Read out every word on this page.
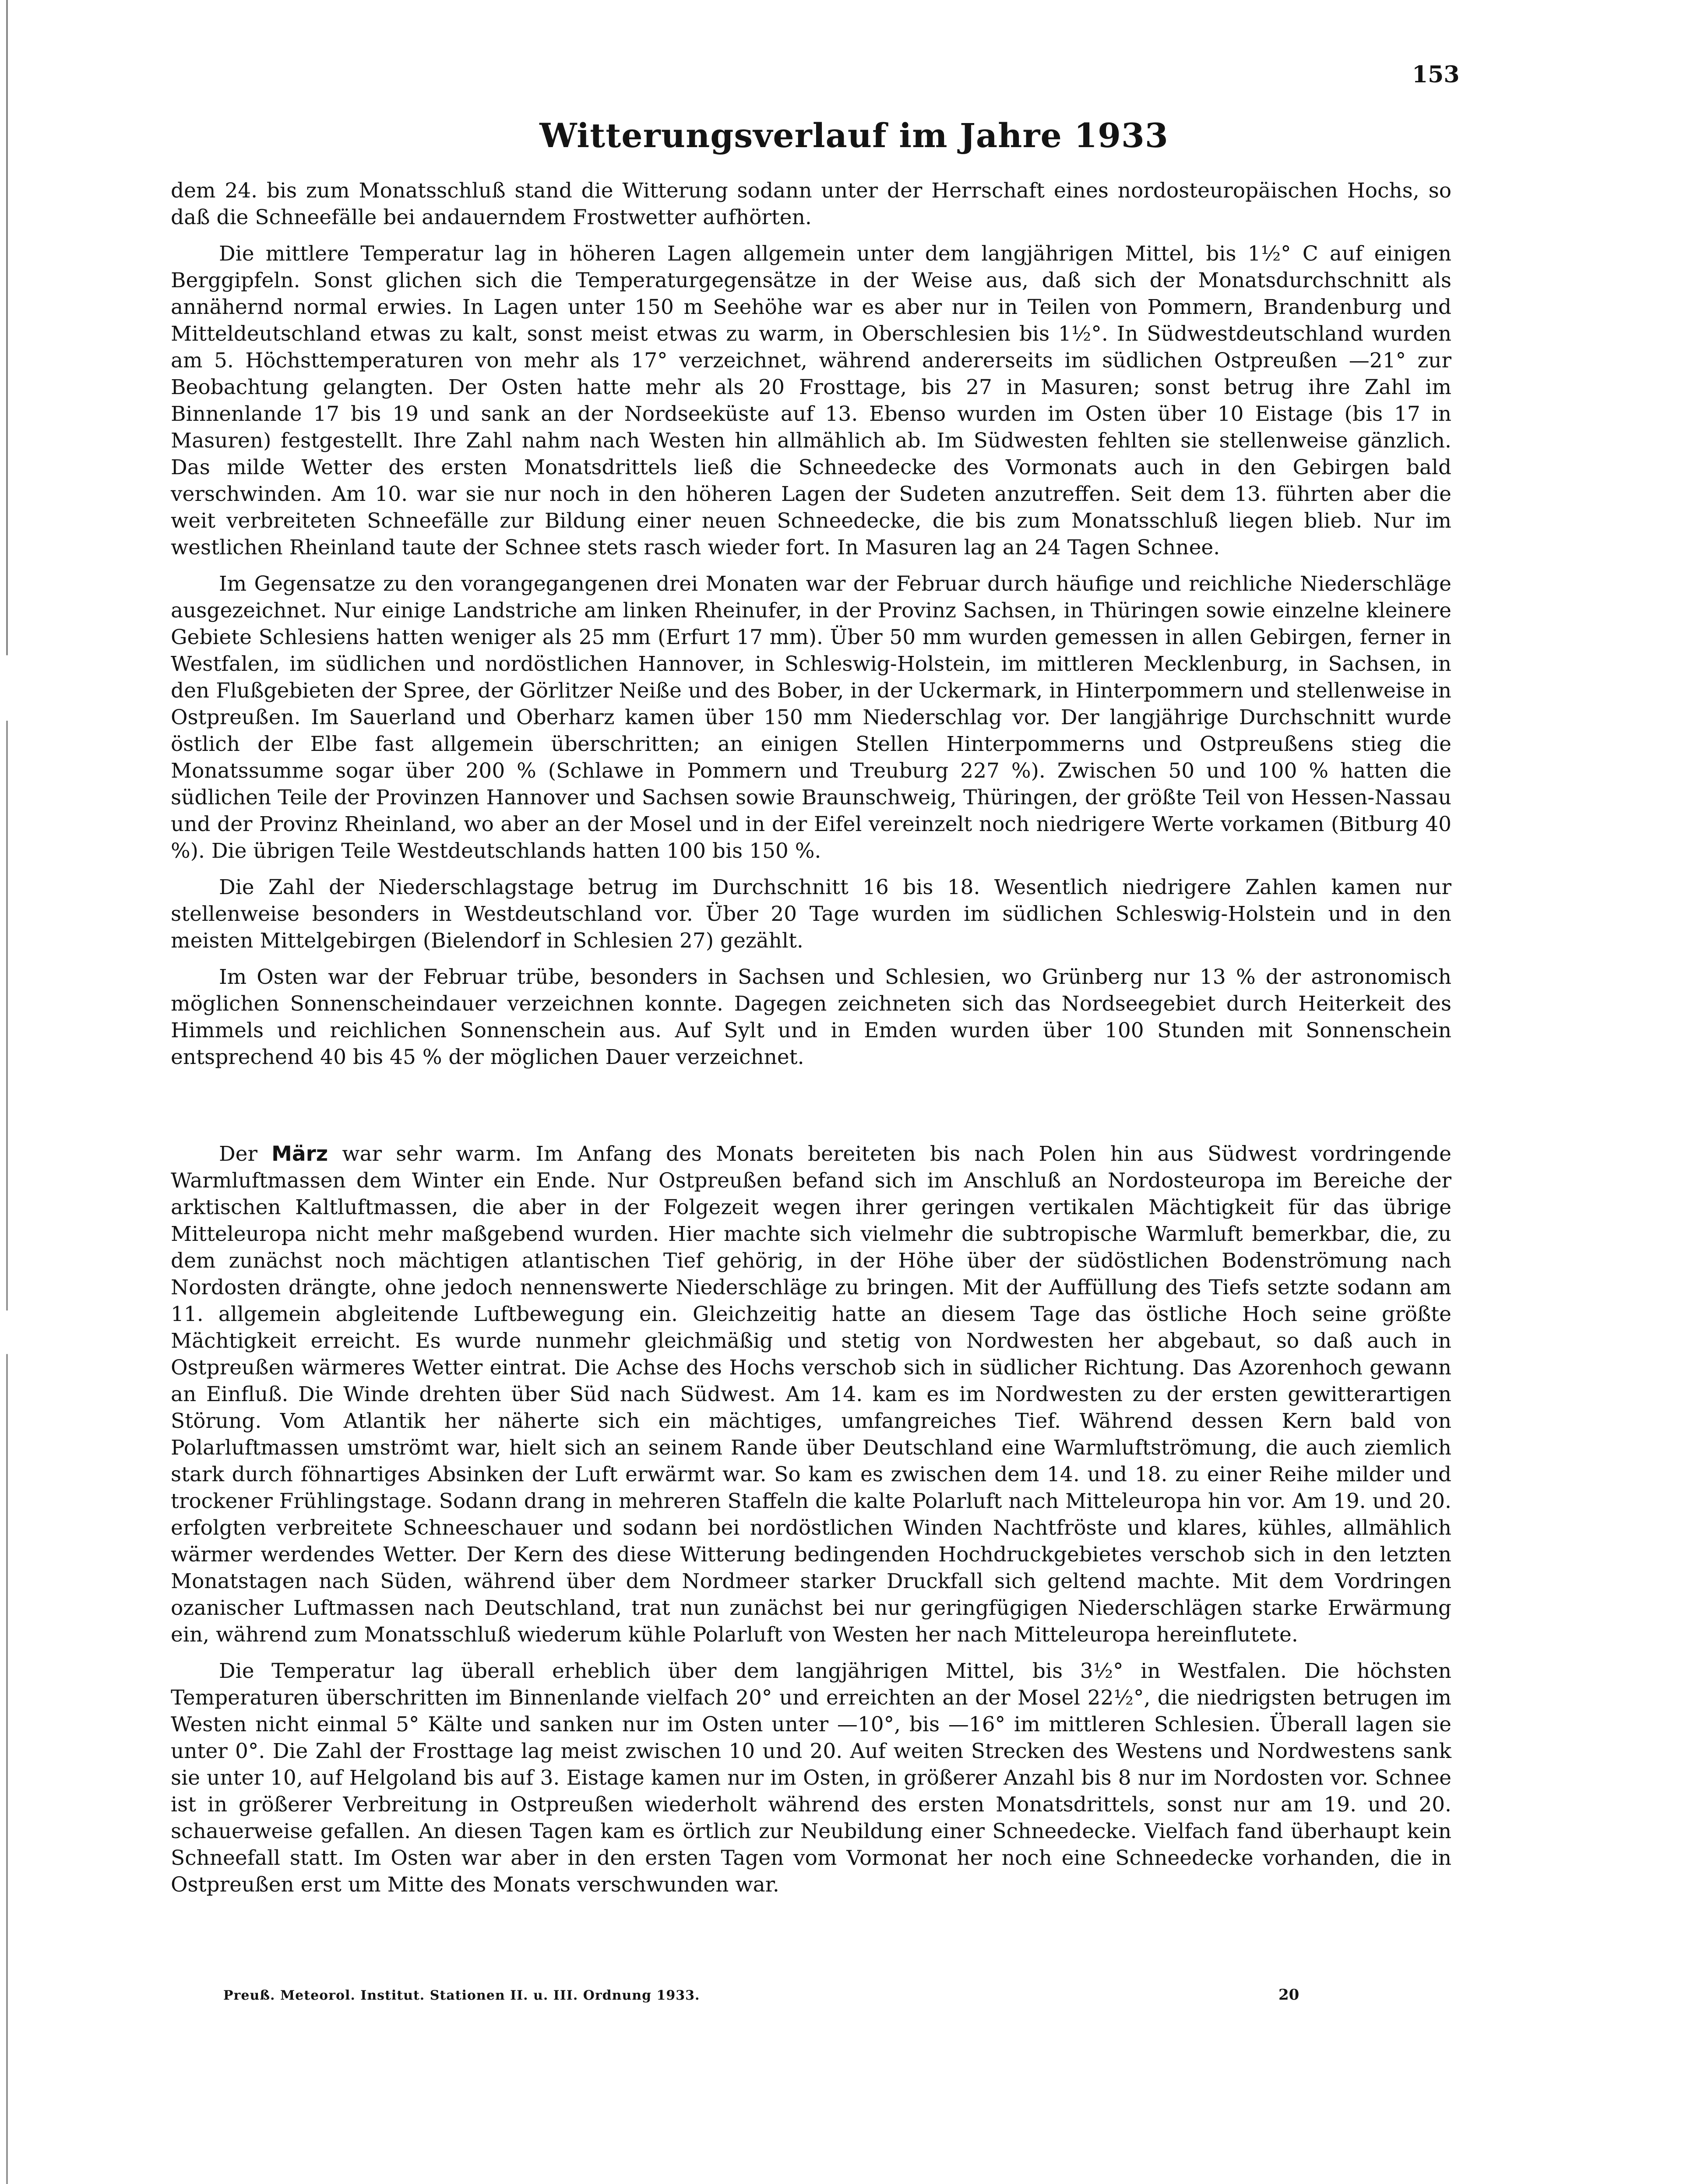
153
Witterungsverlauf im Jahre 1933

dem 24. bis zum Monatsschluß stand die Witterung sodann unter der Herrschaft eines nordosteuropäischen Hochs, so daß die Schneefälle bei andauerndem Frostwetter aufhörten.

Die mittlere Temperatur lag in höheren Lagen allgemein unter dem langjährigen Mittel, bis 1½° C auf einigen Berggipfeln. Sonst glichen sich die Temperaturgegensätze in der Weise aus, daß sich der Monatsdurchschnitt als annähernd normal erwies. In Lagen unter 150 m Seehöhe war es aber nur in Teilen von Pommern, Brandenburg und Mitteldeutschland etwas zu kalt, sonst meist etwas zu warm, in Oberschlesien bis 1½°. In Südwestdeutschland wurden am 5. Höchsttemperaturen von mehr als 17° verzeichnet, während andererseits im südlichen Ostpreußen —21° zur Beobachtung gelangten. Der Osten hatte mehr als 20 Frosttage, bis 27 in Masuren; sonst betrug ihre Zahl im Binnenlande 17 bis 19 und sank an der Nordseeküste auf 13. Ebenso wurden im Osten über 10 Eistage (bis 17 in Masuren) festgestellt. Ihre Zahl nahm nach Westen hin allmählich ab. Im Südwesten fehlten sie stellenweise gänzlich. Das milde Wetter des ersten Monatsdrittels ließ die Schneedecke des Vormonats auch in den Gebirgen bald verschwinden. Am 10. war sie nur noch in den höheren Lagen der Sudeten anzutreffen. Seit dem 13. führten aber die weit verbreiteten Schneefälle zur Bildung einer neuen Schneedecke, die bis zum Monatsschluß liegen blieb. Nur im westlichen Rheinland taute der Schnee stets rasch wieder fort. In Masuren lag an 24 Tagen Schnee.

Im Gegensatze zu den vorangegangenen drei Monaten war der Februar durch häufige und reichliche Niederschläge ausgezeichnet. Nur einige Landstriche am linken Rheinufer, in der Provinz Sachsen, in Thüringen sowie einzelne kleinere Gebiete Schlesiens hatten weniger als 25 mm (Erfurt 17 mm). Über 50 mm wurden gemessen in allen Gebirgen, ferner in Westfalen, im südlichen und nordöstlichen Hannover, in Schleswig-Holstein, im mittleren Mecklenburg, in Sachsen, in den Flußgebieten der Spree, der Görlitzer Neiße und des Bober, in der Uckermark, in Hinterpommern und stellenweise in Ostpreußen. Im Sauerland und Oberharz kamen über 150 mm Niederschlag vor. Der langjährige Durchschnitt wurde östlich der Elbe fast allgemein überschritten; an einigen Stellen Hinterpommerns und Ostpreußens stieg die Monatssumme sogar über 200 % (Schlawe in Pommern und Treuburg 227 %). Zwischen 50 und 100 % hatten die südlichen Teile der Provinzen Hannover und Sachsen sowie Braunschweig, Thüringen, der größte Teil von Hessen-Nassau und der Provinz Rheinland, wo aber an der Mosel und in der Eifel vereinzelt noch niedrigere Werte vorkamen (Bitburg 40 %). Die übrigen Teile Westdeutschlands hatten 100 bis 150 %.

Die Zahl der Niederschlagstage betrug im Durchschnitt 16 bis 18. Wesentlich niedrigere Zahlen kamen nur stellenweise besonders in Westdeutschland vor. Über 20 Tage wurden im südlichen Schleswig-Holstein und in den meisten Mittelgebirgen (Bielendorf in Schlesien 27) gezählt.

Im Osten war der Februar trübe, besonders in Sachsen und Schlesien, wo Grünberg nur 13 % der astronomisch möglichen Sonnenscheindauer verzeichnen konnte. Dagegen zeichneten sich das Nordseegebiet durch Heiterkeit des Himmels und reichlichen Sonnenschein aus. Auf Sylt und in Emden wurden über 100 Stunden mit Sonnenschein entsprechend 40 bis 45 % der möglichen Dauer verzeichnet.

Der März war sehr warm. Im Anfang des Monats bereiteten bis nach Polen hin aus Südwest vordringende Warmluftmassen dem Winter ein Ende. Nur Ostpreußen befand sich im Anschluß an Nordosteuropa im Bereiche der arktischen Kaltluftmassen, die aber in der Folgezeit wegen ihrer geringen vertikalen Mächtigkeit für das übrige Mitteleuropa nicht mehr maßgebend wurden. Hier machte sich vielmehr die subtropische Warmluft bemerkbar, die, zu dem zunächst noch mächtigen atlantischen Tief gehörig, in der Höhe über der südöstlichen Bodenströmung nach Nordosten drängte, ohne jedoch nennenswerte Niederschläge zu bringen. Mit der Auffüllung des Tiefs setzte sodann am 11. allgemein abgleitende Luftbewegung ein. Gleichzeitig hatte an diesem Tage das östliche Hoch seine größte Mächtigkeit erreicht. Es wurde nunmehr gleichmäßig und stetig von Nordwesten her abgebaut, so daß auch in Ostpreußen wärmeres Wetter eintrat. Die Achse des Hochs verschob sich in südlicher Richtung. Das Azorenhoch gewann an Einfluß. Die Winde drehten über Süd nach Südwest. Am 14. kam es im Nordwesten zu der ersten gewitterartigen Störung. Vom Atlantik her näherte sich ein mächtiges, umfangreiches Tief. Während dessen Kern bald von Polarluftmassen umströmt war, hielt sich an seinem Rande über Deutschland eine Warmluftströmung, die auch ziemlich stark durch föhnartiges Absinken der Luft erwärmt war. So kam es zwischen dem 14. und 18. zu einer Reihe milder und trockener Frühlingstage. Sodann drang in mehreren Staffeln die kalte Polarluft nach Mitteleuropa hin vor. Am 19. und 20. erfolgten verbreitete Schneeschauer und sodann bei nordöstlichen Winden Nachtfröste und klares, kühles, allmählich wärmer werdendes Wetter. Der Kern des diese Witterung bedingenden Hochdruckgebietes verschob sich in den letzten Monatstagen nach Süden, während über dem Nordmeer starker Druckfall sich geltend machte. Mit dem Vordringen ozanischer Luftmassen nach Deutschland, trat nun zunächst bei nur geringfügigen Niederschlägen starke Erwärmung ein, während zum Monatsschluß wiederum kühle Polarluft von Westen her nach Mitteleuropa hereinflutete.

Die Temperatur lag überall erheblich über dem langjährigen Mittel, bis 3½° in Westfalen. Die höchsten Temperaturen überschritten im Binnenlande vielfach 20° und erreichten an der Mosel 22½°, die niedrigsten betrugen im Westen nicht einmal 5° Kälte und sanken nur im Osten unter —10°, bis —16° im mittleren Schlesien. Überall lagen sie unter 0°. Die Zahl der Frosttage lag meist zwischen 10 und 20. Auf weiten Strecken des Westens und Nordwestens sank sie unter 10, auf Helgoland bis auf 3. Eistage kamen nur im Osten, in größerer Anzahl bis 8 nur im Nordosten vor. Schnee ist in größerer Verbreitung in Ostpreußen wiederholt während des ersten Monatsdrittels, sonst nur am 19. und 20. schauerweise gefallen. An diesen Tagen kam es örtlich zur Neubildung einer Schneedecke. Vielfach fand überhaupt kein Schneefall statt. Im Osten war aber in den ersten Tagen vom Vormonat her noch eine Schneedecke vorhanden, die in Ostpreußen erst um Mitte des Monats verschwunden war.

Preuß. Meteorol. Institut. Stationen II. u. III. Ordnung 1933.	20
